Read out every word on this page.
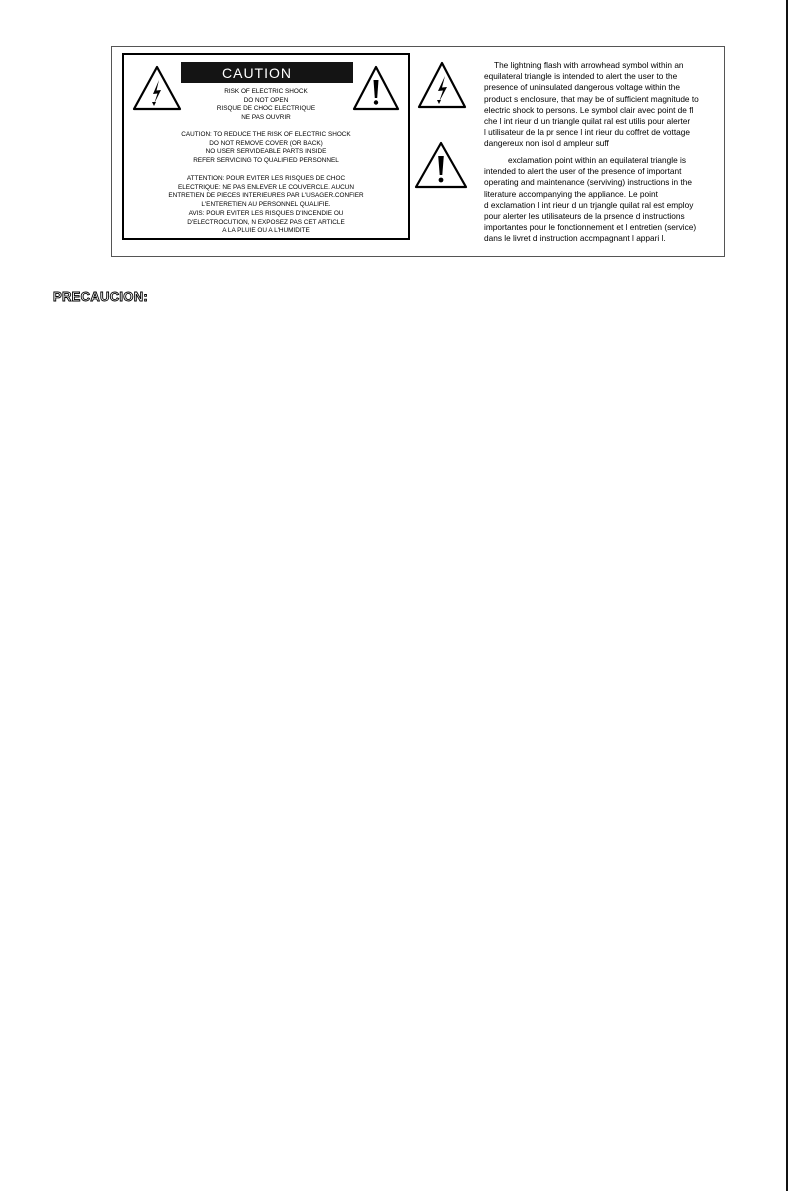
CAUTION
RISK OF ELECTRIC SHOCK
DO NOT OPEN
RISQUE DE CHOC ELECTRIQUE
NE PAS OUVRIR
CAUTION: TO REDUCE THE RISK OF ELECTRIC SHOCK
DO NOT REMOVE COVER (OR BACK)
NO USER SERVIDEABLE PARTS INSIDE
REFER SERVICING TO QUALIFIED PERSONNEL
ATTENTION: POUR EVITER LES RISQUES DE CHOC
ELECTRIQUE: NE PAS ENLEVER LE COUVERCLE. AUCUN
ENTRETIEN DE PIECES INTERIEURES PAR L'USAGER.CONFIER
L'ENTERETIEN AU PERSONNEL QUALIFIE.
AVIS: POUR EVITER LES RISQUES D'INCENDIE OU
D'ELECTROCUTION, N EXPOSEZ PAS CET ARTICLE
A LA PLUIE OU A L'HUMIDITE
The lightning flash with arrowhead symbol within an
equilateral triangle is intended to alert the user to the
presence of uninsulated dangerous voltage within the
product s enclosure, that may be of sufficient magnitude to
electric shock to persons. Le symbol clair avec point de fl
che l int rieur d un triangle quilat ral est utilis pour alerter
l utilisateur de la pr sence l int rieur du coffret de vottage
dangereux non isol d ampleur suff
exclamation point within an equilateral triangle is
intended to alert the user of the presence of important
operating and maintenance (serviving) instructions in the
literature accompanying the appliance. Le point
d exclamation l int rieur d un trjangle quilat ral est employ
pour alerter les utilisateurs de la prsence d instructions
importantes pour le fonctionnement et l entretien (service)
dans le livret d instruction accmpagnant l appari l.
PRECAUCION:
